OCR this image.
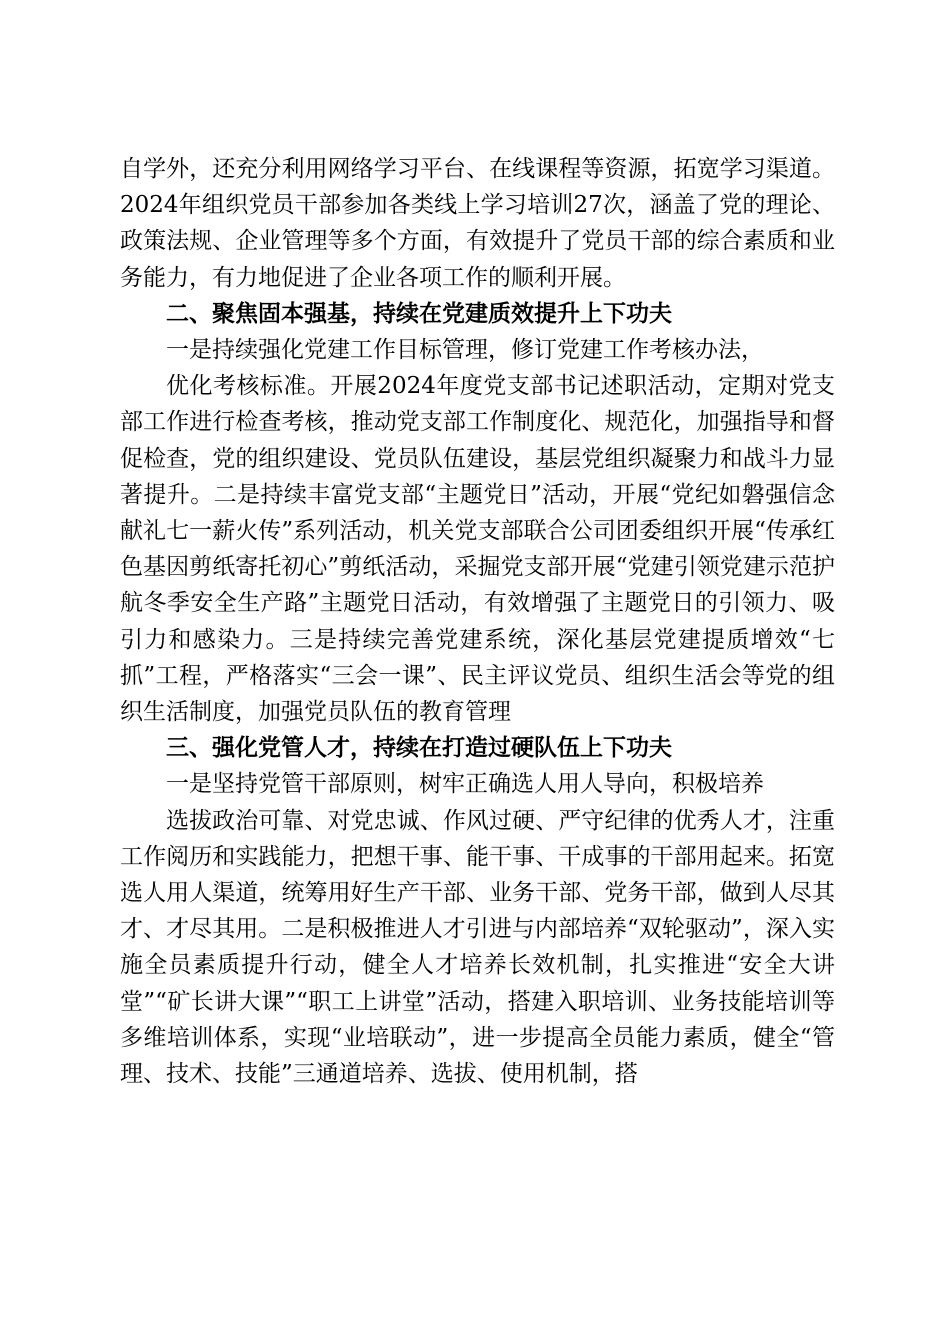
自学外，还充分利用网络学习平台、在线课程等资源，拓宽学习渠道。2024年组织党员干部参加各类线上学习培训27次，涵盖了党的理论、政策法规、企业管理等多个方面，有效提升了党员干部的综合素质和业务能力，有力地促进了企业各项工作的顺利开展。

二、聚焦固本强基，持续在党建质效提升上下功夫

一是持续强化党建工作目标管理，修订党建工作考核办法，

优化考核标准。开展2024年度党支部书记述职活动，定期对党支部工作进行检查考核，推动党支部工作制度化、规范化，加强指导和督促检查，党的组织建设、党员队伍建设，基层党组织凝聚力和战斗力显著提升。二是持续丰富党支部“主题党日”活动，开展“党纪如磐强信念献礼七一薪火传”系列活动，机关党支部联合公司团委组织开展“传承红色基因剪纸寄托初心”剪纸活动，采掘党支部开展“党建引领党建示范护航冬季安全生产路”主题党日活动，有效增强了主题党日的引领力、吸引力和感染力。三是持续完善党建系统，深化基层党建提质增效“七抓”工程，严格落实“三会一课”、民主评议党员、组织生活会等党的组织生活制度，加强党员队伍的教育管理

三、强化党管人才，持续在打造过硬队伍上下功夫

一是坚持党管干部原则，树牢正确选人用人导向，积极培养

选拔政治可靠、对党忠诚、作风过硬、严守纪律的优秀人才，注重工作阅历和实践能力，把想干事、能干事、干成事的干部用起来。拓宽选人用人渠道，统筹用好生产干部、业务干部、党务干部，做到人尽其才、才尽其用。二是积极推进人才引进与内部培养“双轮驱动”，深入实施全员素质提升行动，健全人才培养长效机制，扎实推进“安全大讲堂”“矿长讲大课”“职工上讲堂”活动，搭建入职培训、业务技能培训等多维培训体系，实现“业培联动”，进一步提高全员能力素质，健全“管理、技术、技能”三通道培养、选拔、使用机制，搭
